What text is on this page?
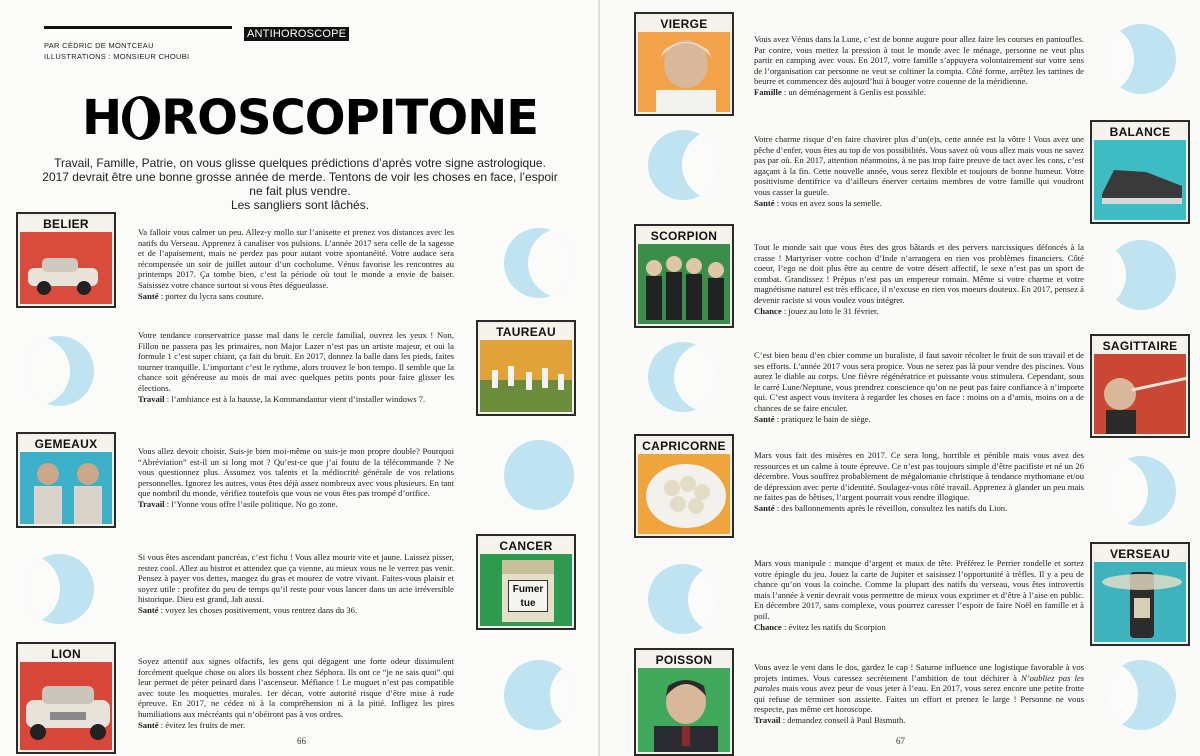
ANTIHOROSCOPE
PAR CÉDRIC DE MONTCEAU
ILLUSTRATIONS : MONSIEUR CHOUBI
H ROSCOPITONE
Travail, Famille, Patrie, on vous glisse quelques prédictions d’après votre signe astrologique.
2017 devrait être une bonne grosse année de merde. Tentons de voir les choses en face, l’espoir ne fait plus vendre.
Les sangliers sont lâchés.
BELIER
Va falloir vous calmer un peu. Allez-y mollo sur l’anisette et prenez vos distances avec les natifs du Verseau. Apprenez à canaliser vos pulsions. L’année 2017 sera celle de la sagesse et de l’apaisement, mais ne perdez pas pour autant votre spontanéité. Votre audace sera récompensée un soir de juillet autour d’un cocholume. Vénus favorise les rencontres au printemps 2017. Ça tombe bien, c’est la période où tout le monde a envie de baiser. Saisissez votre chance surtout si vous êtes dégueulasse.
Santé : portez du lycra sans couture.
Votre tendance conservatrice passe mal dans le cercle familial, ouvrez les yeux ! Non, Fillon ne passera pas les primaires, non Major Lazer n’est pas un artiste majeur, et oui la formule 1 c’est super chiant, ça fait du bruit. En 2017, donnez la balle dans les pieds, faites tourner tranquille. L’important c’est le rythme, alors trouvez le bon tempo. Il semble que la chance soit généreuse au mois de mai avec quelques petits ponts pour faire glisser les élections.
Travail : l’ambiance est à la hausse, la Kommandantur vient d’installer windows 7.
TAUREAU
GEMEAUX	Vous allez devoir choisir. Suis-je bien moi-même ou suis-je mon propre double? Pourquoi “Abréviation” est-il un si long mot ? Qu’est-ce que j’ai foutu de la télécommande ? Ne vous questionnez plus. Assumez vos talents et la médiocrité générale de vos relations personnelles. Ignorez les autres, vous êtes déjà assez nombreux avec vous plusieurs. En tant que nombril du monde, vérifiez toutefois que vous ne vous êtes pas trompé d’orifice.
Travail : l’Yonne vous offre l’asile politique. No go zone.
Si vous êtes ascendant pancréas, c’est fichu ! Vous allez mourir vite et jaune. Laissez pisser, restez cool. Allez au bistrot et attendez que ça vienne, au mieux vous ne le verrez pas venir. Pensez à payer vos dettes, mangez du gras et mourez de votre vivant. Faites-vous plaisir et soyez utile : profitez du peu de temps qu’il reste pour vous lancer dans un acte irréversible historique. Dieu est grand, Jah aussi.
Santé : voyez les choses positivement, vous rentrez dans du 36.
CANCER
Fumer tue
LION	Soyez attentif aux signes olfactifs, les gens qui dégagent une forte odeur dissimulent forcément quelque chose ou alors ils bossent chez Séphora. Ils ont ce “je ne sais quoi” qui leur permet de péter peinard dans l’ascenseur. Méfiance ! Le muguet n’est pas compatible avec toute les moquettes murales. 1er décan, votre autorité risque d’être mise à rude épreuve. En 2017, ne cédez ni à la compréhension ni à la pitié. Infligez les pires humiliations aux mécréants qui n’obéiront pas à vos ordres.
Santé : évitez les fruits de mer.
66
VIERGE
Vous avez Vénus dans la Lune, c’est de bonne augure pour allez faire les courses en pantoufles. Par contre, vous mettez la pression à tout le monde avec le ménage, personne ne veut plus partir en camping avec vous. En 2017, votre famille s’appuyera volontairement sur votre sens de l’organisation car personne ne veut se coltiner la compta. Côté forme, arrêtez les tartines de beurre et commencez dès aujourd’hui à bouger votre couenne de la méridienne.
Famille : un déménagement à Genlis est possible.
Votre charme risque d’en faire chavirer plus d’un(e)s, cette année est la vôtre ! Vous avez une pêche d’enfer, vous êtes au top de vos possibilités. Vous savez où vous allez mais vous ne savez pas par où. En 2017, attention néanmoins, à ne pas trop faire preuve de tact avec les cons, c’est agaçant à la fin. Cette nouvelle année, vous serez flexible et toujours de bonne humeur. Votre positivisme dentifrice va d’ailleurs énerver certains membres de votre famille qui voudront vous casser la gueule.
Santé : vous en avez sous la semelle.
BALANCE
SCORPION
Tout le monde sait que vous êtes des gros bâtards et des pervers narcissiques défoncés à la crasse ! Martyriser votre cochon d’Inde n’arrangera en rien vos problèmes financiers. Côté coeur, l’ego ne doit plus être au centre de votre désert affectif, le sexe n’est pas un sport de combat. Grandissez ! Prépus n’est pas un empereur romain. Même si votre charme et votre magnétisme naturel est très efficace, il n’excuse en rien vos moeurs douteux. En 2017, pensez à devenir raciste si vous voulez vous intégrer.
Chance : jouez au loto le 31 février.
C’est bien beau d’en chier comme un buraliste, il faut savoir récolter le fruit de son travail et de ses efforts. L’année 2017 vous sera propice. Vous ne serez pas là pour vendre des piscines. Vous aurez le diable au corps. Une fièvre régénératrice et puissante vous stimulera. Cependant, sous le carré Lune/Neptune, vous prendrez conscience qu’on ne peut pas faire confiance à n’importe qui. C’est aspect vous invitera à regarder les choses en face : moins on a d’amis, moins on a de chances de se faire enculer.
Santé : pratiquez le bain de siège.
SAGITTAIRE
CAPRICORNE
Mars vous fait des misères en 2017. Ce sera long, horrible et pénible mais vous avez des ressources et un calme à toute épreuve. Ce n’est pas toujours simple d’être pacifiste et né un 26 décembre. Vous souffrez probablement de mégalomanie christique à tendance mythomane et/ou de dépression avec perte d’identité. Soulagez-vous côté travail. Apprenez à glander un peu mais ne faites pas de bêtises, l’argent pourrait vous rendre illogique.
Santé : des ballonnements après le réveillon, consultez les natifs du Lion.
Mars vous manipule : manque d’argent et maux de tête. Préférez le Perrier rondelle et sortez votre épingle du jeu. Jouez la carte de Jupiter et saisissez l’opportunité à trèfles. Il y a peu de chance qu’on vous la coinche. Comme la plupart des natifs du verseau, vous êtes introvertis mais l’année à venir devrait vous permettre de mieux vous exprimer et d’être à l’aise en public. En décembre 2017, sans complexe, vous pourrez caresser l’espoir de faire Noël en famille et à poil.
Chance : évitez les natifs du Scorpion
VERSEAU
POISSON	Vous avez le vent dans le dos, gardez le cap ! Saturne influence une logistique favorable à vos projets intimes. Vous caressez secrètement l’ambition de tout déchirer à N’oubliez pas les paroles mais vous avez peur de vous jeter à l’eau. En 2017, vous serez encore une petite frotte qui refuse de terminer son assiette. Faites un effort et prenez le large ! Personne ne vous respecte, pas même cet horoscope.
Travail : demandez conseil à Paul Bismuth.
67
